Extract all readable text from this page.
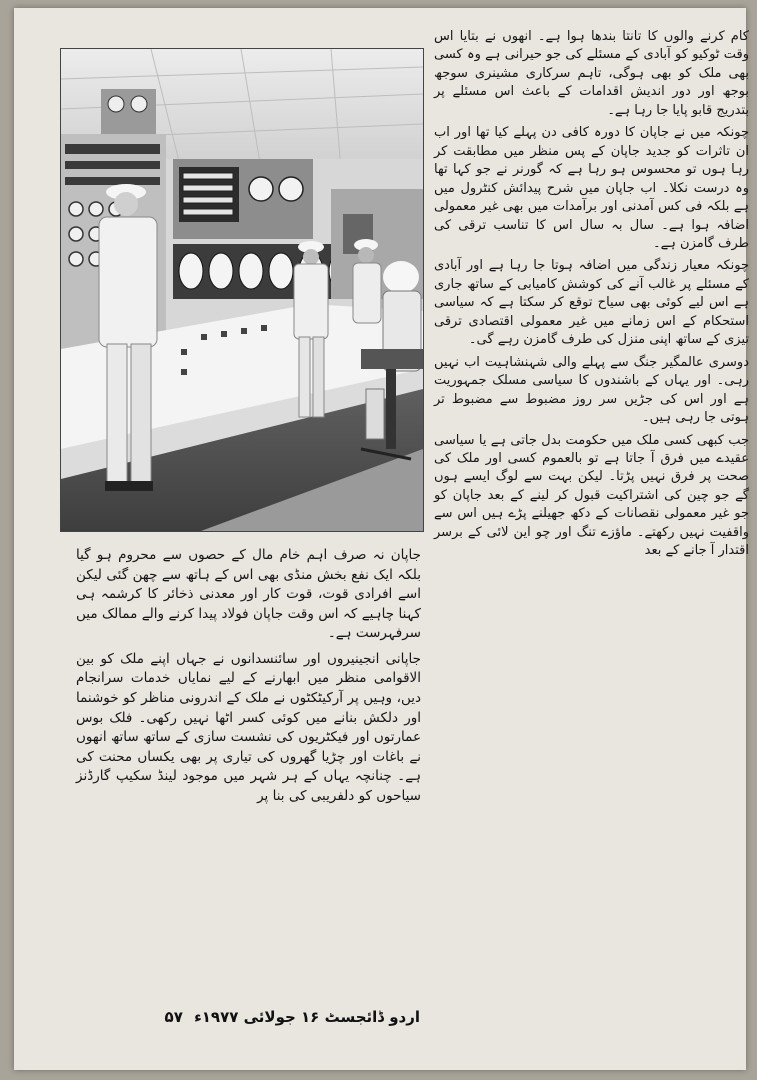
کام کرنے والوں کا تانتا بندھا ہوا ہے۔ انھوں نے بتایا اس وقت ٹوکیو کو آبادی کے مسئلے کی جو حیرانی ہے وہ کسی بھی ملک کو بھی ہوگی، تاہم سرکاری مشینری سوجھ بوجھ اور دور اندیش اقدامات کے باعث اس مسئلے پر بتدریج قابو پایا جا رہا ہے۔

چونکہ میں نے جاپان کا دورہ کافی دن پہلے کیا تھا اور اب ان تاثرات کو جدید جاپان کے پس منظر میں مطابقت کر رہا ہوں تو محسوس ہو رہا ہے کہ گورنر نے جو کہا تھا وہ درست نکلا۔ اب جاپان میں شرح پیدائش کنٹرول میں ہے بلکہ فی کس آمدنی اور برآمدات میں بھی غیر معمولی اضافہ ہوا ہے۔ سال بہ سال اس کا تناسب ترقی کی طرف گامزن ہے۔

چونکہ معیار زندگی میں اضافہ ہوتا جا رہا ہے اور آبادی کے مسئلے پر غالب آنے کی کوشش کامیابی کے ساتھ جاری ہے اس لیے کوئی بھی سیاح توقع کر سکتا ہے کہ سیاسی استحکام کے اس زمانے میں غیر معمولی اقتصادی ترقی تیزی کے ساتھ اپنی منزل کی طرف گامزن رہے گی۔

دوسری عالمگیر جنگ سے پہلے والی شہنشاہیت اب نہیں رہی۔ اور یہاں کے باشندوں کا سیاسی مسلک جمہوریت ہے اور اس کی جڑیں سر روز مضبوط سے مضبوط تر ہوتی جا رہی ہیں۔

جب کبھی کسی ملک میں حکومت بدل جاتی ہے یا سیاسی عقیدے میں فرق آ جاتا ہے تو بالعموم کسی اور ملک کی صحت پر فرق نہیں پڑتا۔ لیکن بہت سے لوگ ایسے ہوں گے جو چین کی اشتراکیت قبول کر لینے کے بعد جاپان کو جو غیر معمولی نقصانات کے دکھ جھیلنے پڑے ہیں اس سے واقفیت نہیں رکھتے۔ ماؤزے تنگ اور چو این لائی کے برسر اقتدار آ جانے کے بعد

جاپان نہ صرف اہم خام مال کے حصوں سے محروم ہو گیا بلکہ ایک نفع بخش منڈی بھی اس کے ہاتھ سے چھن گئی لیکن اسے افرادی قوت، قوت کار اور معدنی ذخائر کا کرشمہ ہی کہنا چاہیے کہ اس وقت جاپان فولاد پیدا کرنے والے ممالک میں سرفہرست ہے۔

جاپانی انجینیروں اور سائنسدانوں نے جہاں اپنے ملک کو بین الاقوامی منظر میں ابھارنے کے لیے نمایاں خدمات سرانجام دیں، وہیں پر آرکیٹکٹوں نے ملک کے اندرونی مناظر کو خوشنما اور دلکش بنانے میں کوئی کسر اٹھا نہیں رکھی۔ فلک بوس عمارتوں اور فیکٹریوں کی نشست سازی کے ساتھ ساتھ انھوں نے باغات اور چڑیا گھروں کی تیاری پر بھی یکساں محنت کی ہے۔ چنانچہ یہاں کے ہر شہر میں موجود لینڈ سکیپ گارڈنز سیاحوں کو دلفریبی کی بنا پر

اردو ڈائجسٹ ۱۶ جولائی ۱۹۷۷ء ۵۷
